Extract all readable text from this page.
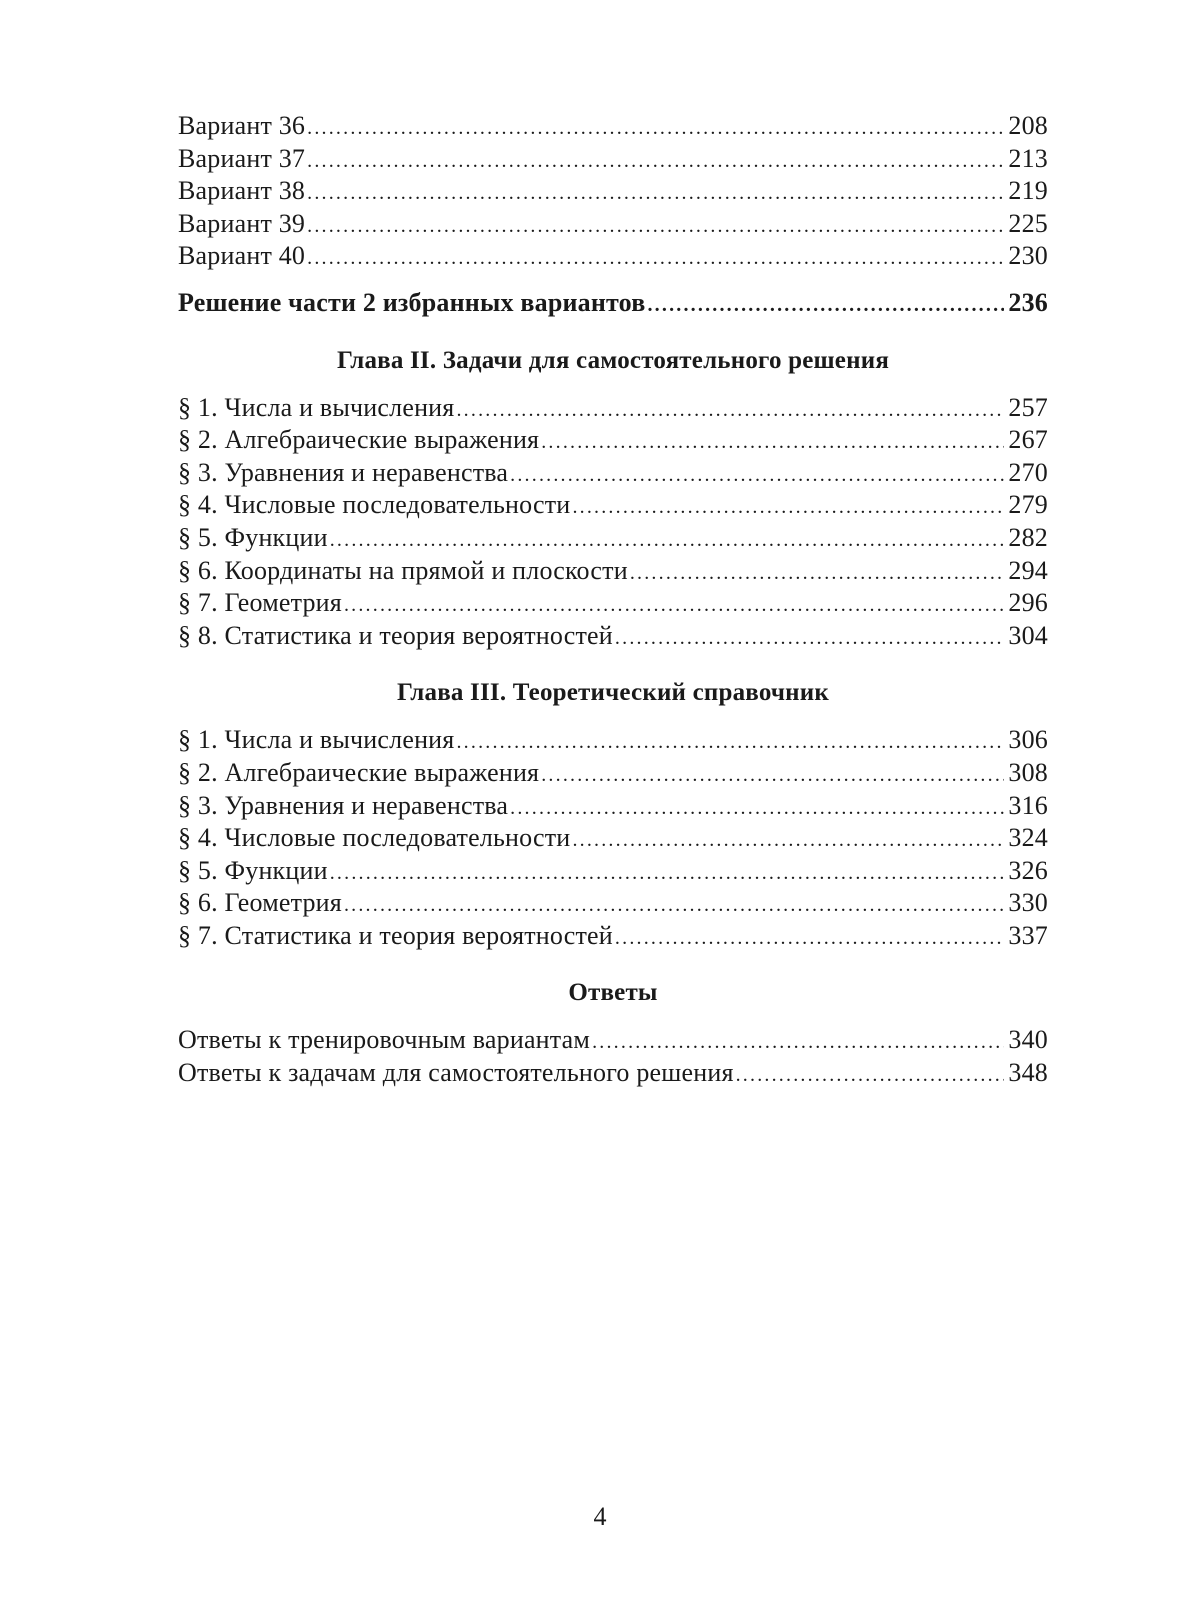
Вариант 36 .....	208
Вариант 37 .....	213
Вариант 38 .....	219
Вариант 39 .....	225
Вариант 40 .....	230
Решение части 2 избранных вариантов .....	236
Глава II. Задачи для самостоятельного решения
§ 1. Числа и вычисления .....	257
§ 2. Алгебраические выражения .....	267
§ 3. Уравнения и неравенства .....	270
§ 4. Числовые последовательности .....	279
§ 5. Функции .....	282
§ 6. Координаты на прямой и плоскости .....	294
§ 7. Геометрия .....	296
§ 8. Статистика и теория вероятностей .....	304
Глава III. Теоретический справочник
§ 1. Числа и вычисления .....	306
§ 2. Алгебраические выражения .....	308
§ 3. Уравнения и неравенства .....	316
§ 4. Числовые последовательности .....	324
§ 5. Функции .....	326
§ 6. Геометрия .....	330
§ 7. Статистика и теория вероятностей .....	337
Ответы
Ответы к тренировочным вариантам .....	340
Ответы к задачам для самостоятельного решения .....	348
4
